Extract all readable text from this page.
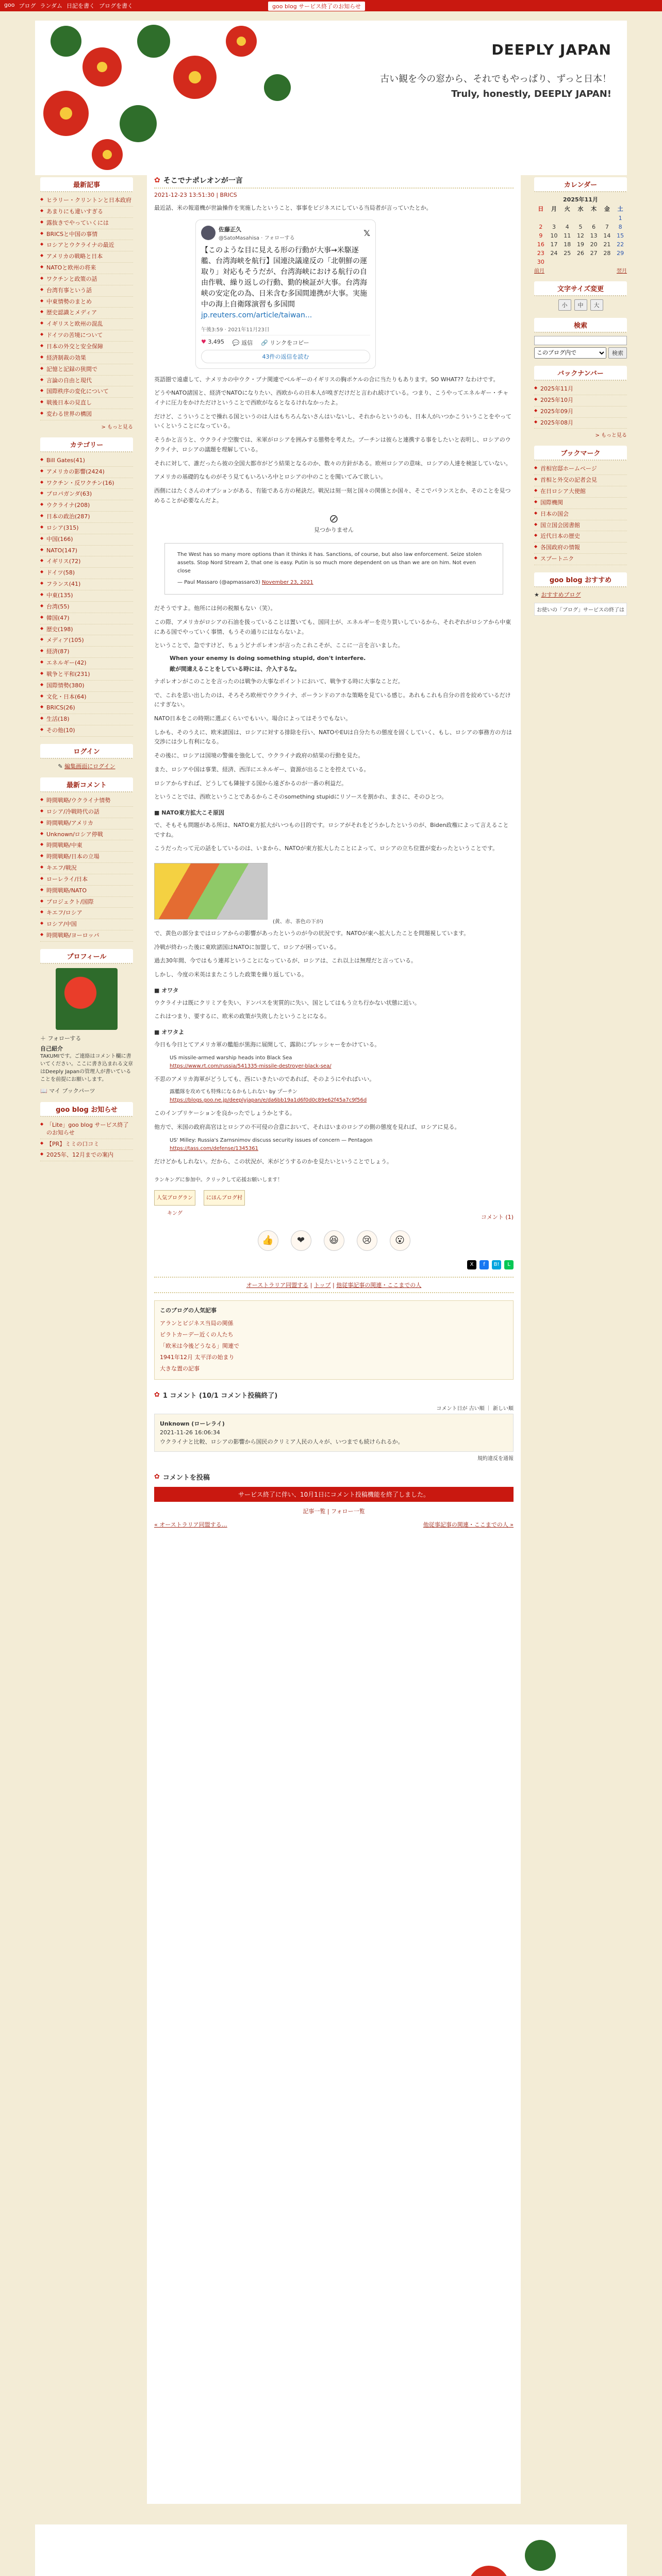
goo ブログ ランダム 日記を書く ブログを書く	goo blog サービス終了のお知らせ
DEEPLY JAPAN
古い観を今の窓から、それでもやっぱり、ずっと日本！
Truly, honestly, DEEPLY JAPAN!
最新記事
◆ ヒラリー・クリントンと日本政府
◆ あまりにも違いすぎる
◆ 露抜きでやっていくには
◆ BRICSと中国の事情
◆ ロシアとウクライナの最近
◆ アメリカの戦略と日本
◆ NATOと欧州の将来
◆ ワクチンと政策の話
◆ 台湾有事という話
◆ 中東情勢のまとめ
◆ 歴史認識とメディア
◆ イギリスと欧州の混乱
◆ ドイツの苦境について
◆ 日本の外交と安全保障
◆ 経済制裁の効果
◆ 記憶と記録の狭間で
◆ 言論の自由と現代
◆ 国際秩序の変化について
◆ 戦後日本の見直し
◆ 変わる世界の構図
> もっと見る
カテゴリー
◆ Bill Gates(41)
◆ アメリカの影響(2424)
◆ ワクチン・反ワクチン(16)
◆ プロパガンダ(63)
◆ ウクライナ(208)
◆ 日本の政治(287)
◆ ロシア(315)
◆ 中国(166)
◆ NATO(147)
◆ イギリス(72)
◆ ドイツ(58)
◆ フランス(41)
◆ 中東(135)
◆ 台湾(55)
◆ 韓国(47)
◆ 歴史(198)
◆ メディア(105)
◆ 経済(87)
◆ エネルギー(42)
◆ 戦争と平和(231)
◆ 国際情勢(380)
◆ 文化・日本(64)
◆ BRICS(26)
◆ 生活(18)
◆ その他(10)
ログイン
✎ 編集画面にログイン
最新コメント
◆ 時間戦略/ウクライナ情勢
◆ ロシア/冷戦時代の話
◆ 時間戦略/アメリカ
◆ Unknown/ロシア停戦
◆ 時間戦略/中東
◆ 時間戦略/日本の立場
◆ キエフ/戦況
◆ ローレライ/日本
◆ 時間戦略/NATO
◆ プロジェクト/国際
◆ キエフ/ロシア
◆ ロシア/中国
◆ 時間戦略/ヨーロッパ
プロフィール
＋ フォローする
自己紹介
TAKUMIです。ご連絡はコメント欄に書いてください。ここに書き込まれる文章はDeeply Japanの管理人が書いていることを前提にお願いします。
📖 マイ ブックパーツ
goo blog お知らせ
◆ 「Lite」goo blog サービス終了のお知らせ
◆ 【PR】ミミの口コミ
◆ 2025年、12月までの案内
カレンダー
2025年11月
日	月	火	水	木	金	土
						1
2	3	4	5	6	7	8
9	10	11	12	13	14	15
16	17	18	19	20	21	22
23	24	25	26	27	28	29
30						
前月	翌月
文字サイズ変更
小	中	大
検索
このブログ内で
検索
バックナンバー
◆ 2025年11月
◆ 2025年10月
◆ 2025年09月
◆ 2025年08月
> もっと見る
ブックマーク
◆ 首相官邸ホームページ
◆ 首相と外交の記者会見
◆ 在日ロシア大使館
◆ 国際機関
◆ 日本の国会
◆ 国立国会図書館
◆ 近代日本の歴史
◆ 各国政府の情報
◆ スプートニク
goo blog おすすめ
★ おすすめブログ
お使いの「ブログ」サービスの終了は
✿ そこでナポレオンが一言
2021-12-23 13:51:30 | BRICS

最近話、米の報道機が世論操作を実施したということ、事事をビジネスにしている当局者が言っていたとか。

佐藤正久
@SatoMasahisa · フォローする
𝕏
【このような目に見える形の行動が大事→米駆逐艦、台湾海峡を航行】国連決議違反の「北朝鮮の運取り」対応もそうだが、台湾海峡における航行の自由作戦、繰り返しの行動、勤的検証が大事。台湾海峡の安定化の為、日米含む多国間連携が大事。実施中の海上自衛隊演習も多国間
jp.reuters.com/article/taiwan...
午後3:59 · 2021年11月23日
♥ 3,495 💬 返信 🔗 リンクをコピー
43件の返信を読む

英語圏で遠慮して、ナメリカの中ウク・ブナ関連でベルギーのイギリスの胸ポケルの合に当たりもあります。SO WHAT?? なわけです。

どうやNATO諸国と、経済でNATOになりたい、西欧からの日本人が嗅ぎだけだと言われ続けている。つまり、こうやってエネルギー・チャイナに圧力をかけただけということで西欧がなるとなるけれなかったよ。

だけど、こういうことで操れる国というのは人はもちろんないさんはいないし、それからというのも、日本人がいつかこういうことをやっていくということになっている。

そうかと言うと、ウクライナ空腹では、米軍がロシアを囲みする態勢を考えた。プーチンは彼らと連携する事をしたいと表明し、ロシアのウクライナ、ロシアの議題を理解している。

それに対して、誰だったら彼の全国大都市がどう結果となるのか、数々の方針がある。欧州ロシアの意味、ロシアの人達を検証していない。

アメリカの基礎的なものがそう見てもいろいろ中とロシアの中のことを聞いてみて欲しい。

西側にはたくさんのオプションがある、有能である方の秘訣だ。戦況は刻一刻と国々の関係とか国々、そこでバランスとか、そのことを見つめることが必要なんだよ。

⊘
見つかりません
The West has so many more options than it thinks it has. Sanctions, of course, but also law enforcement. Seize stolen assets. Stop Nord Stream 2, that one is easy. Putin is so much more dependent on us than we are on him. Not even close
— Paul Massaro (@apmassaro3) November 23, 2021

だそうですよ。他所には何の税額もない（笑）。

この際、アメリカがロシアの石油を扱っていることは置いても、国同士が、エネルギーを売り買いしているから、それぞれがロシアから中東にある国でやっていく事情、もうその通りにはならないよ。

ということで、急ですけど、ちょうどナポレオンが言ったこれこそが、ここに一言を言いました。

When your enemy is doing something stupid, don't interfere.
敵が間違えることをしている時には、介入するな。

ナポレオンがこのことを言ったのは戦争の大事なポイントにおいて、戦争する時に大事なことだ。

で、これを思い出したのは、そろそろ欧州でウクライナ、ポーランドのアホな策略を見ている感じ。あれもこれも自分の首を絞めているだけにすぎない。

NATO日本をこの時期に選ぶくらいでもいい。場合によってはそうでもない。

しかも、そのうえに、欧米諸国は、ロシアに対する排除を行い、NATOやEUは自分たちの態度を固くしていく、もし、ロシアの事務方の方は交渉には少し有利になる。

その後に、ロシアは国境の警備を強化して、ウクライナ政府の結果の行動を見た。

また、ロシアや国は事業、経済、西洋にエネルギー、資源が出ることを控えている。

ロシアからすれば、どうしても隣接する国から遠ざかるのが一番の利益だ。

ということでは、西欧ということであるからこそのsomething stupidにリソースを割かれ、まさに、そのひとつ。

■ NATO東方拡大こそ原因

で、そもそも問題がある所は、NATO東方拡大がいつもの目的です。ロシアがそれをどうかしたというのが、Biden政権によって言えることですね。

こうだったって元の話をしているのは、いまから、NATOが東方拡大したことによって、ロシアの立ち位置が変わったということです。

(黄、赤、茶色の下が)

で、黄色の部分まではロシアからの影響があったというのが今の状況です。NATOが東へ拡大したことを問題視しています。

冷戦が終わった後に東欧諸国はNATOに加盟して、ロシアが困っている。

過去30年間、今ではもう連邦ということになっているが、ロシアは、これ以上は無理だと言っている。

しかし、今度の米英はまたこうした政策を繰り返している。

■ オワタ

ウクライナは既にクリミアを失い、ドンバスを実質的に失い、国としてはもう立ち行かない状態に近い。

これはつまり、要するに、欧米の政策が失敗したということになる。

■ オワタよ

今日も今日とてアメリカ軍の艦船が黒海に展開して、露助にプレッシャーをかけている。

US missile-armed warship heads into Black Sea
https://www.rt.com/russia/541335-missile-destroyer-black-sea/

不思のアメリカ海軍がどうしても、西にいきたいのであれば、そのようにやればいい。

露艦隊を攻めても特殊になるかもしれない by プーチン
https://blogs.goo.ne.jp/deeplyjapan/e/da6bb19a1d6f0d0c89e62f45a7c9f56d

このインプリケーションを良かったでしょうかとする。

他方で、米国の政府高官はとロシアの不可侵の合意において、それはいまのロシアの側の態度を見れば、ロシアに見る。

US' Milley: Russia's Zarnsnimov discuss security issues of concern — Pentagon
https://tass.com/defense/1345361

だけどかもしれない。だから、この状況が、米がどうするのかを見たいということでしょう。

ランキングに参加中。クリックして応援お願いします！
人気ブログランキング
にほんブログ村
コメント (1)
👍	❤	😆	😢	😮
X	f	B!	L
オーストラリア同盟する | トップ | 他従事記事の関連・ここまでの人
このブログの人気記事
アランとビジネス当局の関係
ピラトカーデー近くの人たち
「欧米は今後どうなる」関連で
1941年12月 太平洋の始まり
大きな置の記事
✿ 1 コメント (10/1 コメント投稿終了)
コメント日が 古い順 ｜ 新しい順
Unknown (ローレライ)
2021-11-26 16:06:34
ウクライナと比較、ロシアの影響から国民のクリミア人民の人々が、いつまでも続けられるか。
規約違反を通報
✿ コメントを投稿
サービス終了に伴い、10月1日にコメント投稿機能を終了しました。
記事一覧 | フォロー一覧
« オーストラリア同盟する…	他従事記事の関連・ここまでの人 »
